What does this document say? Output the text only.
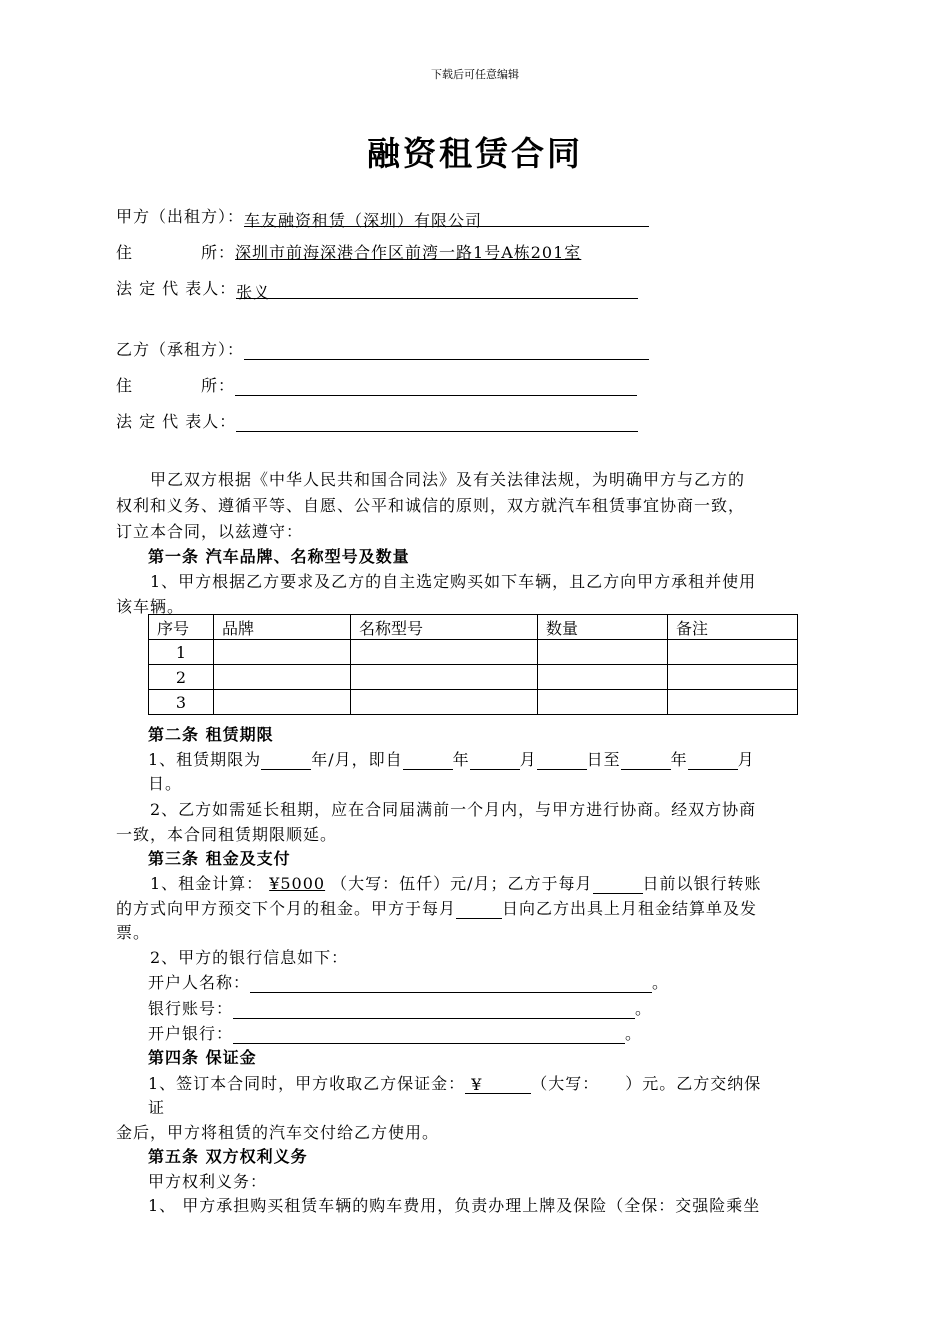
下载后可任意编辑
融资租赁合同
甲方（出租方）：车友融资租赁（深圳）有限公司
住　　　　所：深圳市前海深港合作区前湾一路1号A栋201室
法 定 代 表人：张义
乙方（承租方）：
住　　　　所：
法 定 代 表人：
甲乙双方根据《中华人民共和国合同法》及有关法律法规，为明确甲方与乙方的
权利和义务、遵循平等、自愿、公平和诚信的原则，双方就汽车租赁事宜协商一致，
订立本合同，以兹遵守：
第一条 汽车品牌、名称型号及数量
1、甲方根据乙方要求及乙方的自主选定购买如下车辆，且乙方向甲方承租并使用
该车辆。
序号	品牌	名称型号	数量	备注
1				
2				
3				
第二条 租赁期限
1、租赁期限为	年/月，即自	年	月	日至	年	月
日。
2、乙方如需延长租期，应在合同届满前一个月内，与甲方进行协商。经双方协商
一致，本合同租赁期限顺延。
第三条 租金及支付
1、租金计算： ¥5000 （大写：伍仟）元/月；乙方于每月	日前以银行转账
的方式向甲方预交下个月的租金。甲方于每月	日向乙方出具上月租金结算单及发
票。
2、甲方的银行信息如下：
开户人名称：	。
银行账号：	。
开户银行：	。
第四条 保证金
1、签订本合同时，甲方收取乙方保证金： ¥	（大写：　　）元。乙方交纳保
证
金后，甲方将租赁的汽车交付给乙方使用。
第五条 双方权利义务
甲方权利义务：
1、 甲方承担购买租赁车辆的购车费用，负责办理上牌及保险（全保：交强险乘坐
